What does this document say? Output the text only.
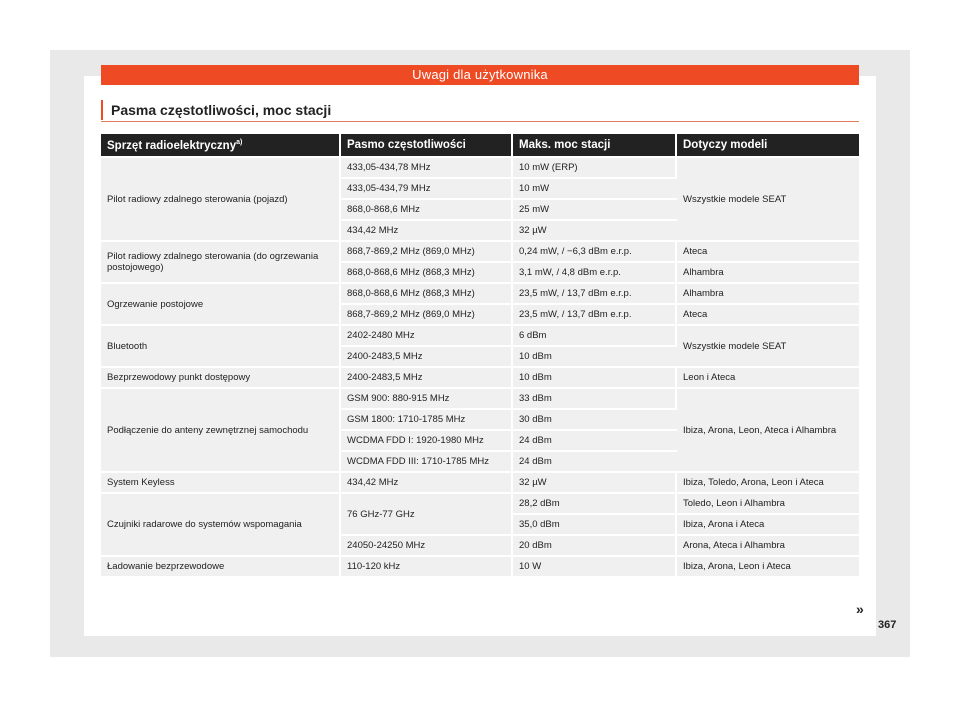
Uwagi dla użytkownika
Pasma częstotliwości, moc stacji
Sprzęt radioelektryczny$^{a)}$	Pasmo częstotliwości	Maks. moc stacji	Dotyczy modeli
Pilot radiowy zdalnego sterowania (pojazd)	433,05-434,78 MHz	10 mW (ERP)	Wszystkie modele SEAT
	433,05-434,79 MHz	10 mW	
	868,0-868,6 MHz	25 mW	
	434,42 MHz	32 µW	
Pilot radiowy zdalnego sterowania (do ogrzewania postojowego)	868,7-869,2 MHz (869,0 MHz)	0,24 mW, / −6,3 dBm e.r.p.	Ateca
	868,0-868,6 MHz (868,3 MHz)	3,1 mW, / 4,8 dBm e.r.p.	Alhambra
Ogrzewanie postojowe	868,0-868,6 MHz (868,3 MHz)	23,5 mW, / 13,7 dBm e.r.p.	Alhambra
	868,7-869,2 MHz (869,0 MHz)	23,5 mW, / 13,7 dBm e.r.p.	Ateca
Bluetooth	2402-2480 MHz	6 dBm	Wszystkie modele SEAT
	2400-2483,5 MHz	10 dBm	
Bezprzewodowy punkt dostępowy	2400-2483,5 MHz	10 dBm	Leon i Ateca
Podłączenie do anteny zewnętrznej samochodu	GSM 900: 880-915 MHz	33 dBm	Ibiza, Arona, Leon, Ateca i Alhambra
	GSM 1800: 1710-1785 MHz	30 dBm	
	WCDMA FDD I: 1920-1980 MHz	24 dBm	
	WCDMA FDD III: 1710-1785 MHz	24 dBm	
System Keyless	434,42 MHz	32 µW	Ibiza, Toledo, Arona, Leon i Ateca
Czujniki radarowe do systemów wspomagania	76 GHz-77 GHz	28,2 dBm	Toledo, Leon i Alhambra
		35,0 dBm	Ibiza, Arona i Ateca
	24050-24250 MHz	20 dBm	Arona, Ateca i Alhambra
Ładowanie bezprzewodowe	110-120 kHz	10 W	Ibiza, Arona, Leon i Ateca
»
367
